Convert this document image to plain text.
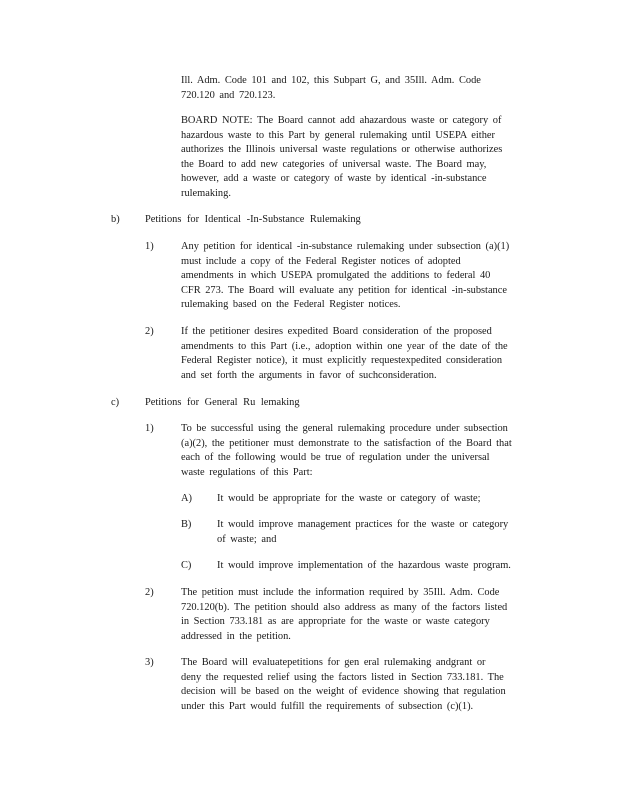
Ill. Adm. Code 101 and 102, this Subpart G, and 35Ill. Adm. Code
720.120 and 720.123.

BOARD NOTE: The Board cannot add ahazardous waste or category of
hazardous waste to this Part by general rulemaking until USEPA either
authorizes the Illinois universal waste regulations or otherwise authorizes
the Board to add new categories of universal waste. The Board may,
however, add a waste or category of waste by identical -in-substance
rulemaking.

b) Petitions for Identical -In-Substance Rulemaking
1)	Any petition for identical -in-substance rulemaking under subsection (a)(1)
must include a copy of the Federal Register notices of adopted
amendments in which USEPA promulgated the additions to federal 40
CFR 273. The Board will evaluate any petition for identical -in-substance
rulemaking based on the Federal Register notices.

2)	If the petitioner desires expedited Board consideration of the proposed
amendments to this Part (i.e., adoption within one year of the date of the
Federal Register notice), it must explicitly requestexpedited consideration
and set forth the arguments in favor of suchconsideration.

c) Petitions for General Ru lemaking
1)	To be successful using the general rulemaking procedure under subsection
(a)(2), the petitioner must demonstrate to the satisfaction of the Board that
each of the following would be true of regulation under the universal
waste regulations of this Part:

A) It would be appropriate for the waste or category of waste;

B) It would improve management practices for the waste or category
of waste; and

C) It would improve implementation of the hazardous waste program.

2)	The petition must include the information required by 35Ill. Adm. Code
720.120(b). The petition should also address as many of the factors listed
in Section 733.181 as are appropriate for the waste or waste category
addressed in the petition.

3)	The Board will evaluatepetitions for gen eral rulemaking andgrant or
deny the requested relief using the factors listed in Section 733.181. The
decision will be based on the weight of evidence showing that regulation
under this Part would fulfill the requirements of subsection (c)(1).
